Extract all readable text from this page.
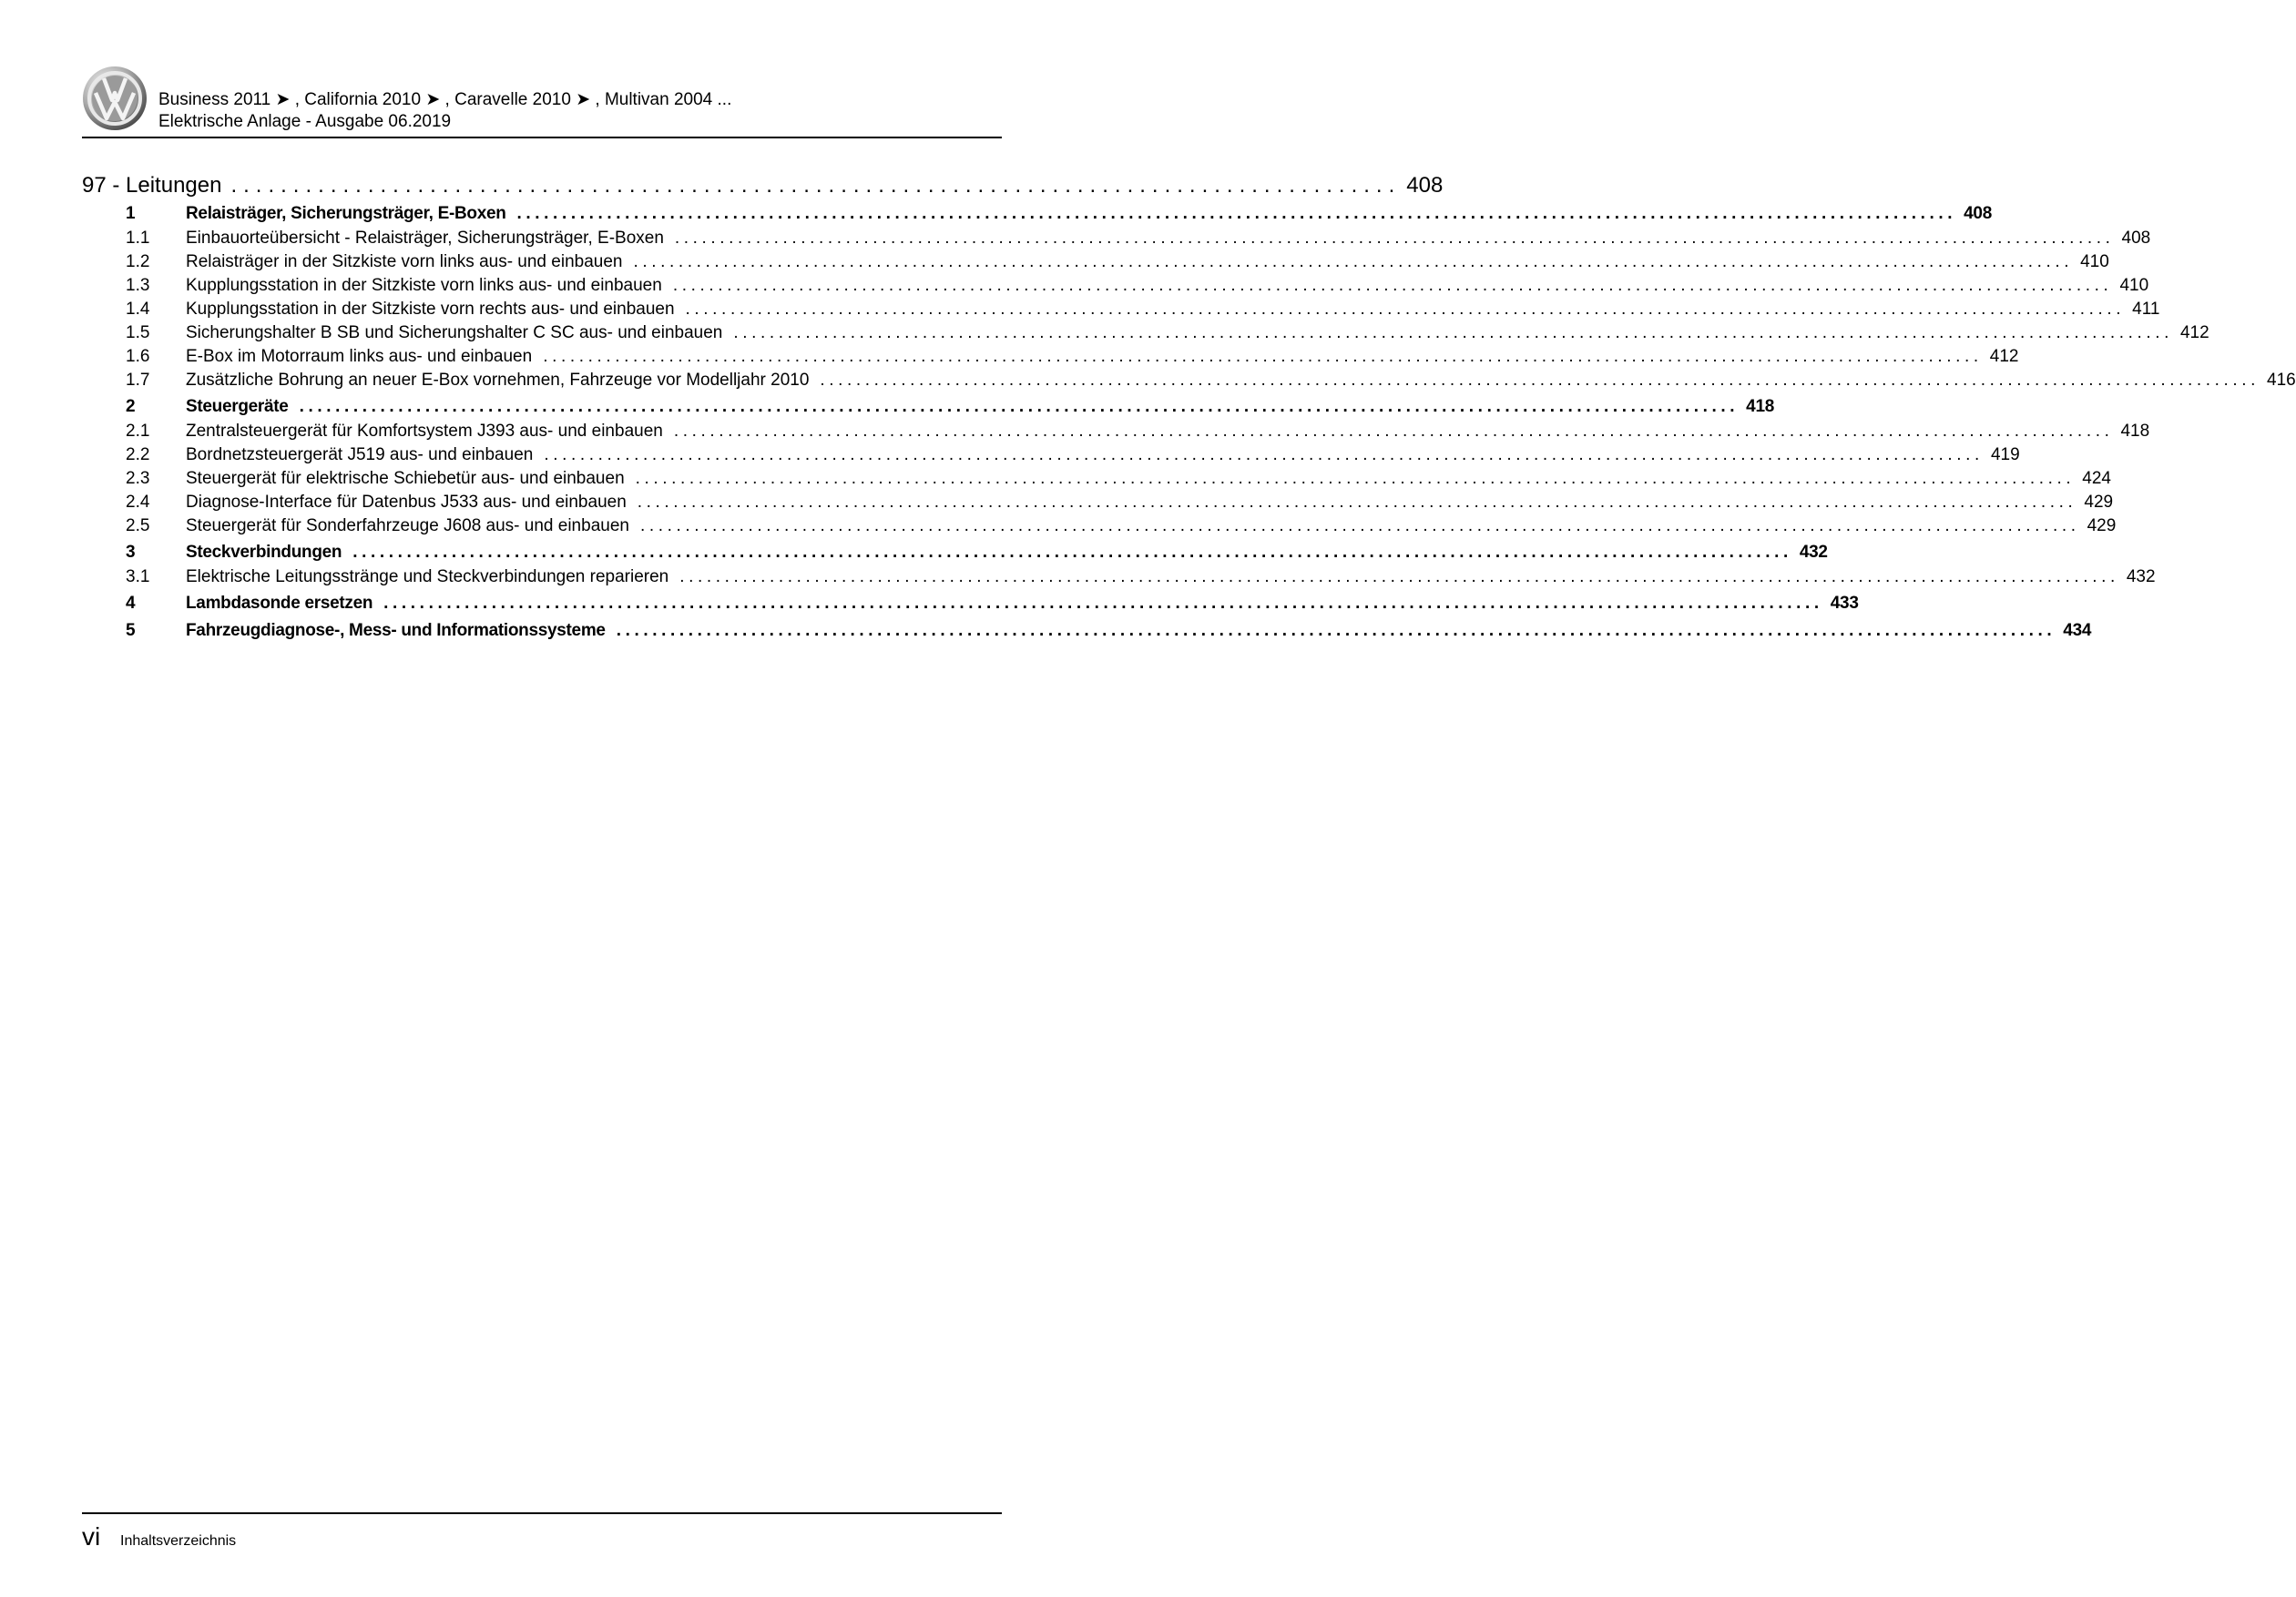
Business 2011 ➤ , California 2010 ➤ , Caravelle 2010 ➤ , Multivan 2004 ...
Elektrische Anlage - Ausgabe 06.2019
97 - Leitungen .............................................................................................. 408
1	Relaisträger, Sicherungsträger, E-Boxen ................................................................................................................................................................ 408
1.1	Einbauorteübersicht - Relaisträger, Sicherungsträger, E-Boxen ................................................................................................................................................................ 408
1.2	Relaisträger in der Sitzkiste vorn links aus- und einbauen ................................................................................................................................................................ 410
1.3	Kupplungsstation in der Sitzkiste vorn links aus- und einbauen ................................................................................................................................................................ 410
1.4	Kupplungsstation in der Sitzkiste vorn rechts aus- und einbauen ................................................................................................................................................................ 411
1.5	Sicherungshalter B SB und Sicherungshalter C SC aus- und einbauen ................................................................................................................................................................ 412
1.6	E-Box im Motorraum links aus- und einbauen ................................................................................................................................................................ 412
1.7	Zusätzliche Bohrung an neuer E-Box vornehmen, Fahrzeuge vor Modelljahr 2010 ................................................................................................................................................................ 416
2	Steuergeräte ................................................................................................................................................................ 418
2.1	Zentralsteuergerät für Komfortsystem J393 aus- und einbauen ................................................................................................................................................................ 418
2.2	Bordnetzsteuergerät J519 aus- und einbauen ................................................................................................................................................................ 419
2.3	Steuergerät für elektrische Schiebetür aus- und einbauen ................................................................................................................................................................ 424
2.4	Diagnose-Interface für Datenbus J533 aus- und einbauen ................................................................................................................................................................ 429
2.5	Steuergerät für Sonderfahrzeuge J608 aus- und einbauen ................................................................................................................................................................ 429
3	Steckverbindungen ................................................................................................................................................................ 432
3.1	Elektrische Leitungsstränge und Steckverbindungen reparieren ................................................................................................................................................................ 432
4	Lambdasonde ersetzen ................................................................................................................................................................ 433
5	Fahrzeugdiagnose-, Mess- und Informationssysteme ................................................................................................................................................................ 434
vi Inhaltsverzeichnis
